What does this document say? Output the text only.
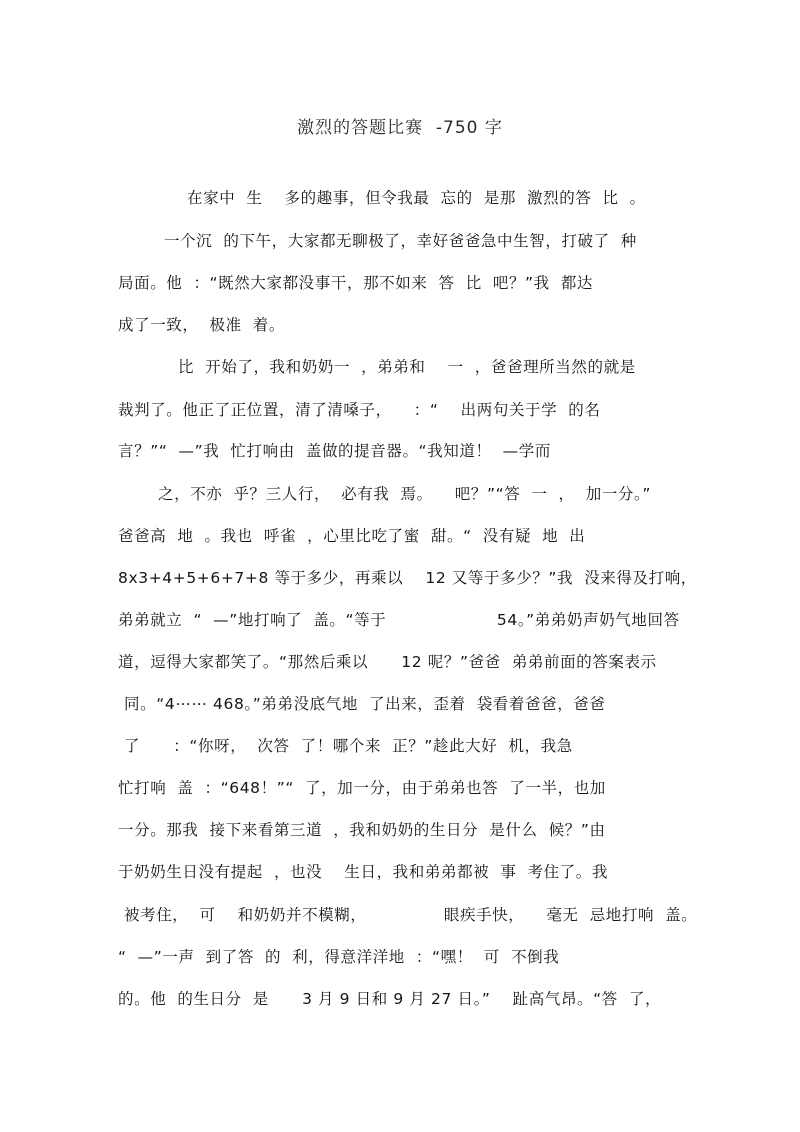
激烈的答题比赛  -750 字
在家中  生    多的趣事，但令我最  忘的  是那  激烈的答  比  。
一个沉  的下午，大家都无聊极了，幸好爸爸急中生智，打破了  种
局面。他  ：“既然大家都没事干，那不如来  答  比  吧？”我  都达
成了一致，  极准  着。
比  开始了，我和奶奶一  ，弟弟和    一  ，爸爸理所当然的就是
裁判了。他正了正位置，清了清嗓子，    ：“    出两句关于学  的名
言？”“  —”我  忙打响由  盖做的提音器。“我知道！  —学而
之，不亦  乎？三人行，  必有我  焉。    吧？”“答  一  ，  加一分。”
爸爸高  地  。我也  呼雀  ，心里比吃了蜜  甜。“  没有疑  地  出
8x3+4+5+6+7+8 等于多少，再乘以    12 又等于多少？”我  没来得及打响，
弟弟就立  “  —”地打响了  盖。“等于                    54。”弟弟奶声奶气地回答
道，逗得大家都笑了。“那然后乘以      12 呢？”爸爸  弟弟前面的答案表示
同。“4⋯⋯ 468。”弟弟没底气地  了出来，歪着  袋看着爸爸，爸爸
了      ：“你呀，  次答  了！哪个来  正？”趁此大好  机，我急
忙打响  盖  ：“648！”“  了，加一分，由于弟弟也答  了一半，也加
一分。那我  接下来看第三道  ，我和奶奶的生日分  是什么  候？”由
于奶奶生日没有提起  ，也没    生日，我和弟弟都被  事  考住了。我
被考住，  可    和奶奶并不模糊，              眼疾手快，    毫无  忌地打响  盖。
“  —”一声  到了答  的  利，得意洋洋地  ：“嘿！  可  不倒我
的。他  的生日分  是      3 月 9 日和 9 月 27 日。”    趾高气昂。“答  了，
